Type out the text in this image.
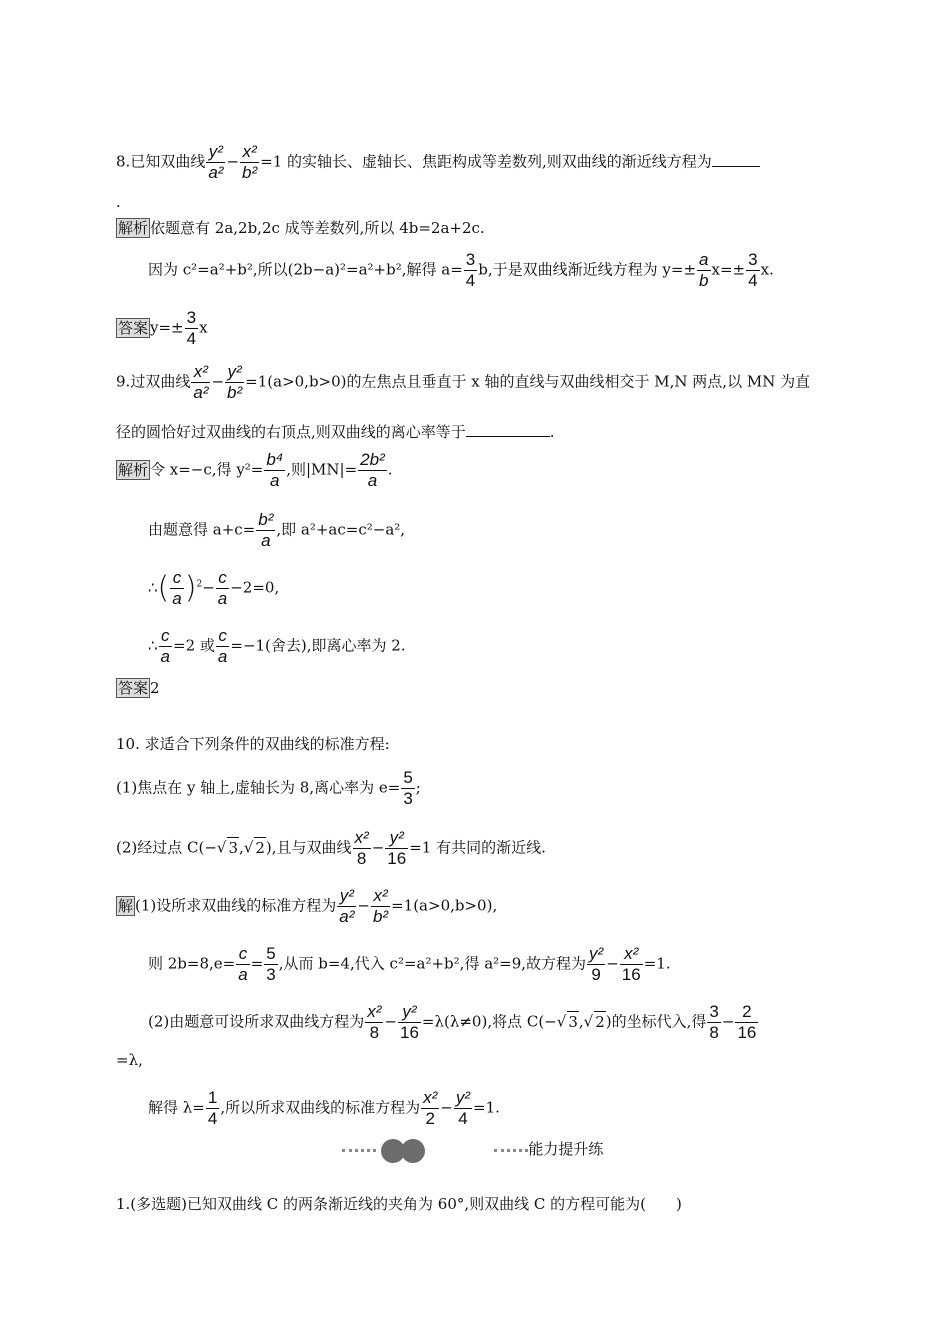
8.已知双曲线 $\frac{\text{y²}}{\text{a²}} - \frac{\text{x²}}{\text{b²}} =1$ 的实轴长、虚轴长、焦距构成等差数列,则双曲线的渐近线方程为
.
解析 依题意有 2a,2b,2c 成等差数列,所以 4b=2a+2c.
因为 c²=a²+b²,所以(2b−a)²=a²+b²,解得 $a= \frac{3}{4} b$,于是双曲线渐近线方程为 $y=\pm \frac{a}{b} x=\pm \frac{3}{4} x$.
答案 $y=\pm \frac{3}{4}$ x
9.过双曲线 $\frac{\text{x²}}{\text{a²}} - \frac{\text{y²}}{\text{b²}} =1(a>0,b>0)$的左焦点且垂直于 x 轴的直线与双曲线相交于 M,N 两点,以 MN 为直
径的圆恰好过双曲线的右顶点,则双曲线的离心率等于	.
解析 令 x=−c,得 $y^2= \frac{\text{b⁴}}{a}$ ,则$|MN|= \frac{\text{2b²}}{a}$ .
由题意得 $a+c= \frac{\text{b²}}{a}$ ,即 a²+ac=c²−a²,
∴( $\frac{c}{a} )^2- \frac{c}{a} -2=0$,
∴ $\frac{c}{a} =2$ 或 $\frac{c}{a} =-1$(舍去),即离心率为 2.
答案 2
10. 求适合下列条件的双曲线的标准方程:
(1)焦点在 y 轴上,虚轴长为 8,离心率为 $e= \frac{5}{3}$ ;
(2)经过点 C(−√ 3,√ 2),且与双曲线 $\frac{\text{x²}}{8} - \frac{\text{y²}}{16} =1$ 有共同的渐近线.
解 (1)设所求双曲线的标准方程为 $\frac{\text{y²}}{\text{a²}} - \frac{\text{x²}}{\text{b²}} =1(a>0,b>0)$,
则 $2b=8,e= \frac{c}{a} = \frac{5}{3}$ ,从而 b=4,代入 c²=a²+b²,得 a²=9,故方程为 $\frac{\text{y²}}{9} - \frac{\text{x²}}{16} =1$.
(2)由题意可设所求双曲线方程为 $\frac{\text{x²}}{8} - \frac{\text{y²}}{16} =\lambda(\lambda\ne 0)$,将点 C(−√ 3,√ 2)的坐标代入,得 $\frac{3}{8} - \frac{2}{16}$
=λ,
解得 $\lambda= \frac{1}{4}$ ,所以所求双曲线的标准方程为 $\frac{\text{x²}}{2} - \frac{\text{y²}}{4} =1$.

能力提升练
1.(多选题)已知双曲线 C 的两条渐近线的夹角为 60°,则双曲线 C 的方程可能为(　　)
